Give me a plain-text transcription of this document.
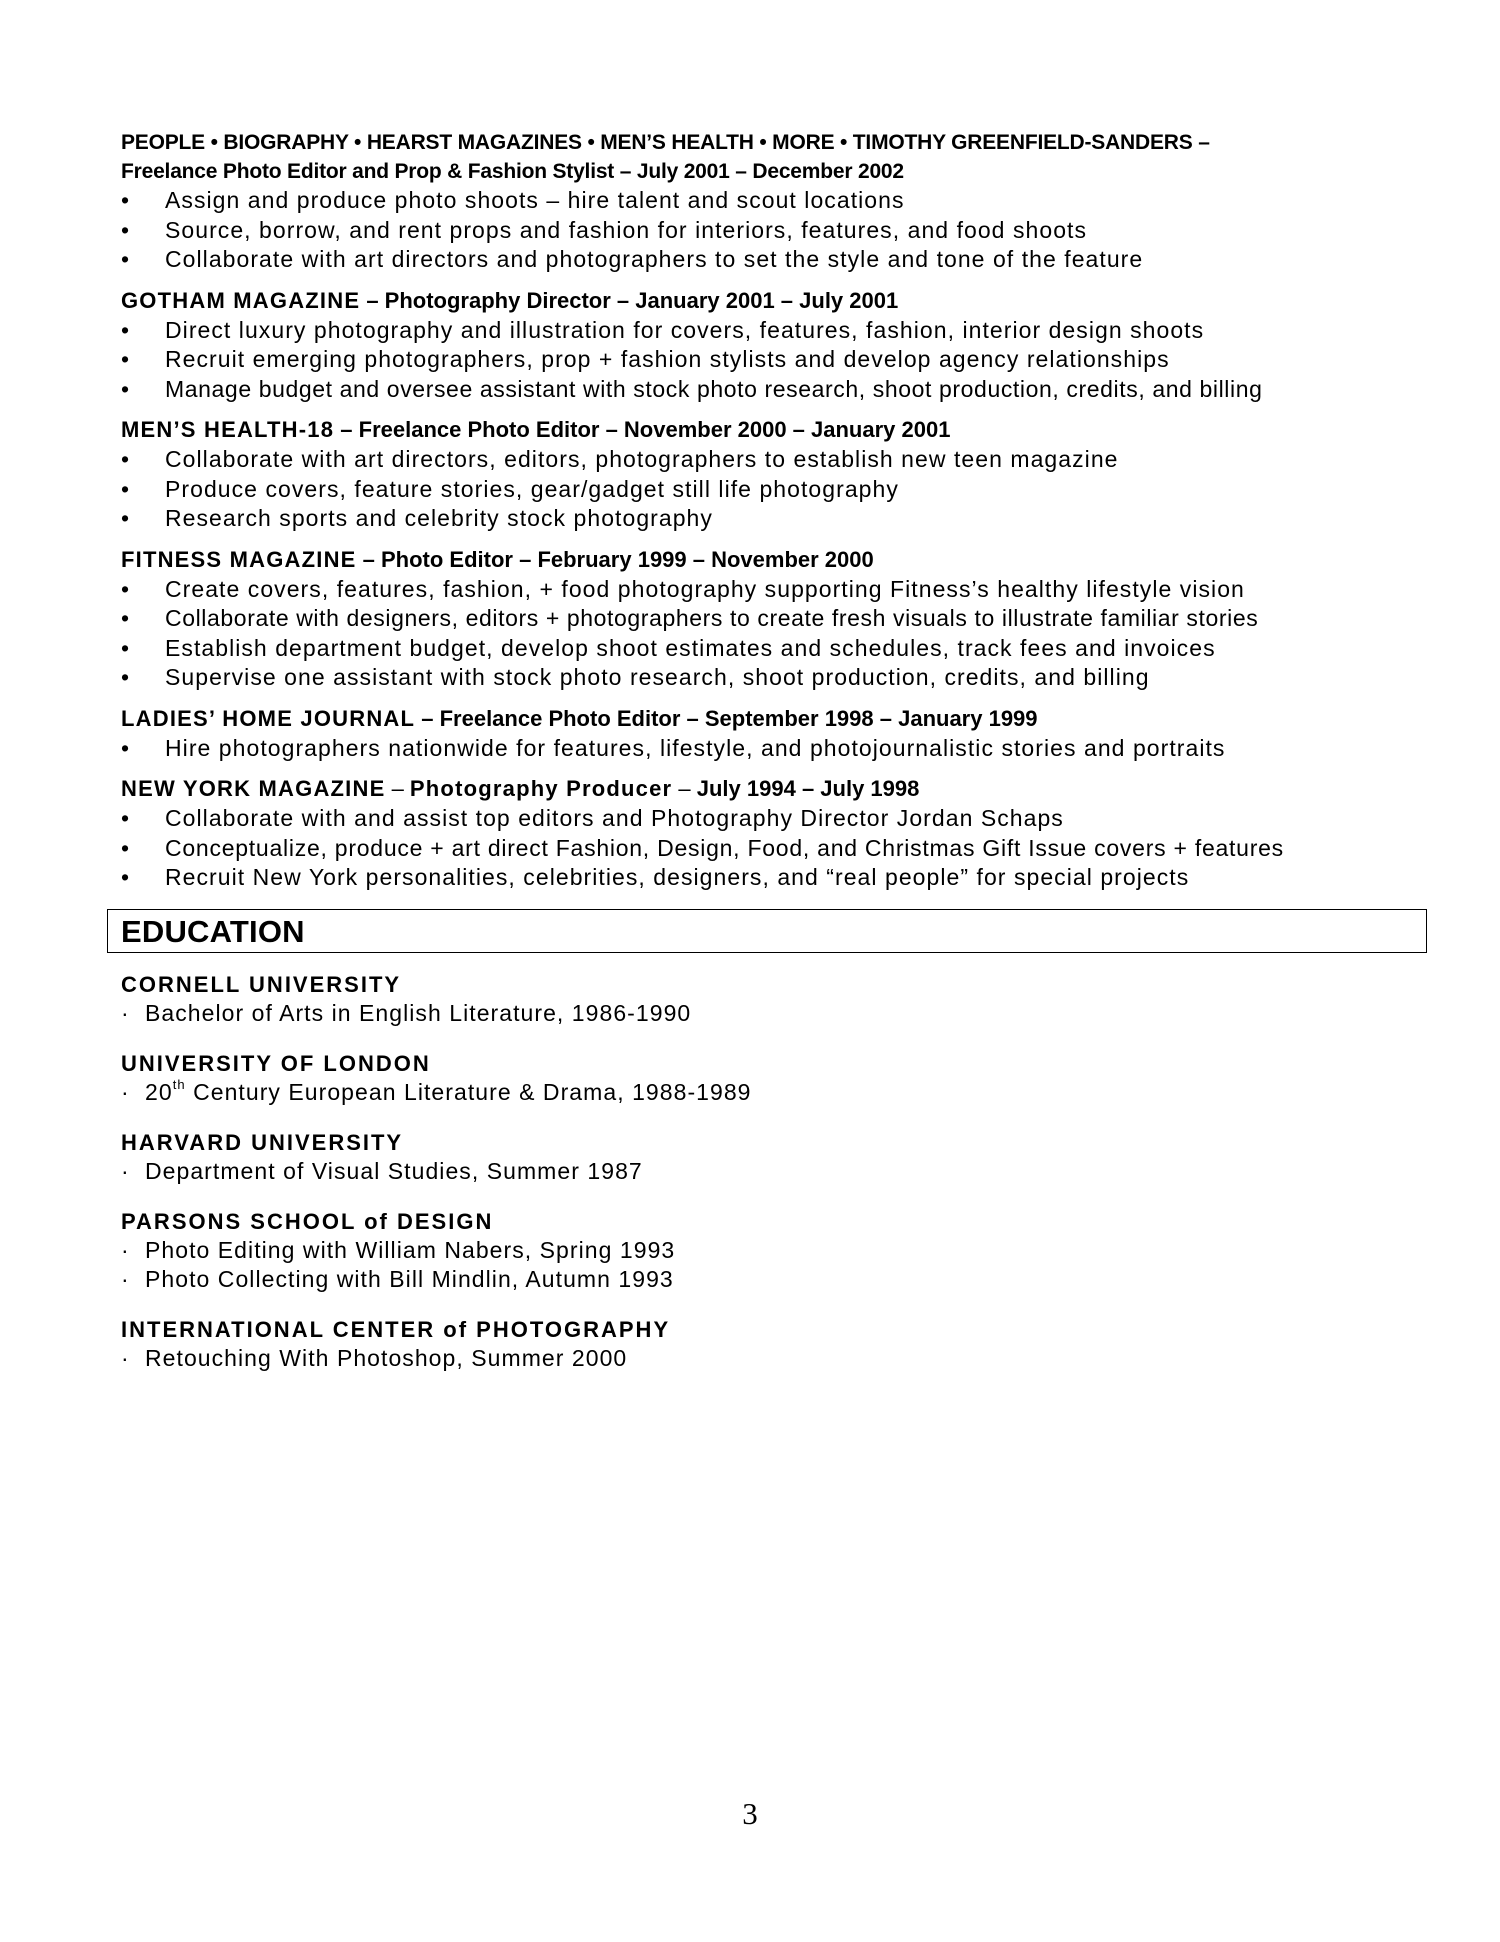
PEOPLE • BIOGRAPHY • HEARST MAGAZINES • MEN’S HEALTH • MORE • TIMOTHY GREENFIELD-SANDERS –
Freelance Photo Editor and Prop & Fashion Stylist – July 2001 – December 2002
• Assign and produce photo shoots – hire talent and scout locations
• Source, borrow, and rent props and fashion for interiors, features, and food shoots
• Collaborate with art directors and photographers to set the style and tone of the feature
GOTHAM MAGAZINE – Photography Director – January 2001 – July 2001
• Direct luxury photography and illustration for covers, features, fashion, interior design shoots
• Recruit emerging photographers, prop + fashion stylists and develop agency relationships
• Manage budget and oversee assistant with stock photo research, shoot production, credits, and billing
MEN’S HEALTH-18 – Freelance Photo Editor – November 2000 – January 2001
• Collaborate with art directors, editors, photographers to establish new teen magazine
• Produce covers, feature stories, gear/gadget still life photography
• Research sports and celebrity stock photography
FITNESS MAGAZINE – Photo Editor – February 1999 – November 2000
• Create covers, features, fashion, + food photography supporting Fitness’s healthy lifestyle vision
• Collaborate with designers, editors + photographers to create fresh visuals to illustrate familiar stories
• Establish department budget, develop shoot estimates and schedules, track fees and invoices
• Supervise one assistant with stock photo research, shoot production, credits, and billing
LADIES’ HOME JOURNAL – Freelance Photo Editor – September 1998 – January 1999
• Hire photographers nationwide for features, lifestyle, and photojournalistic stories and portraits
NEW YORK MAGAZINE – Photography Producer – July 1994 – July 1998
• Collaborate with and assist top editors and Photography Director Jordan Schaps
• Conceptualize, produce + art direct Fashion, Design, Food, and Christmas Gift Issue covers + features
• Recruit New York personalities, celebrities, designers, and “real people” for special projects
EDUCATION
CORNELL UNIVERSITY
· Bachelor of Arts in English Literature, 1986-1990
UNIVERSITY OF LONDON
· 20th Century European Literature & Drama, 1988-1989
HARVARD UNIVERSITY
· Department of Visual Studies, Summer 1987
PARSONS SCHOOL of DESIGN
· Photo Editing with William Nabers, Spring 1993
· Photo Collecting with Bill Mindlin, Autumn 1993
INTERNATIONAL CENTER of PHOTOGRAPHY
· Retouching With Photoshop, Summer 2000
3
